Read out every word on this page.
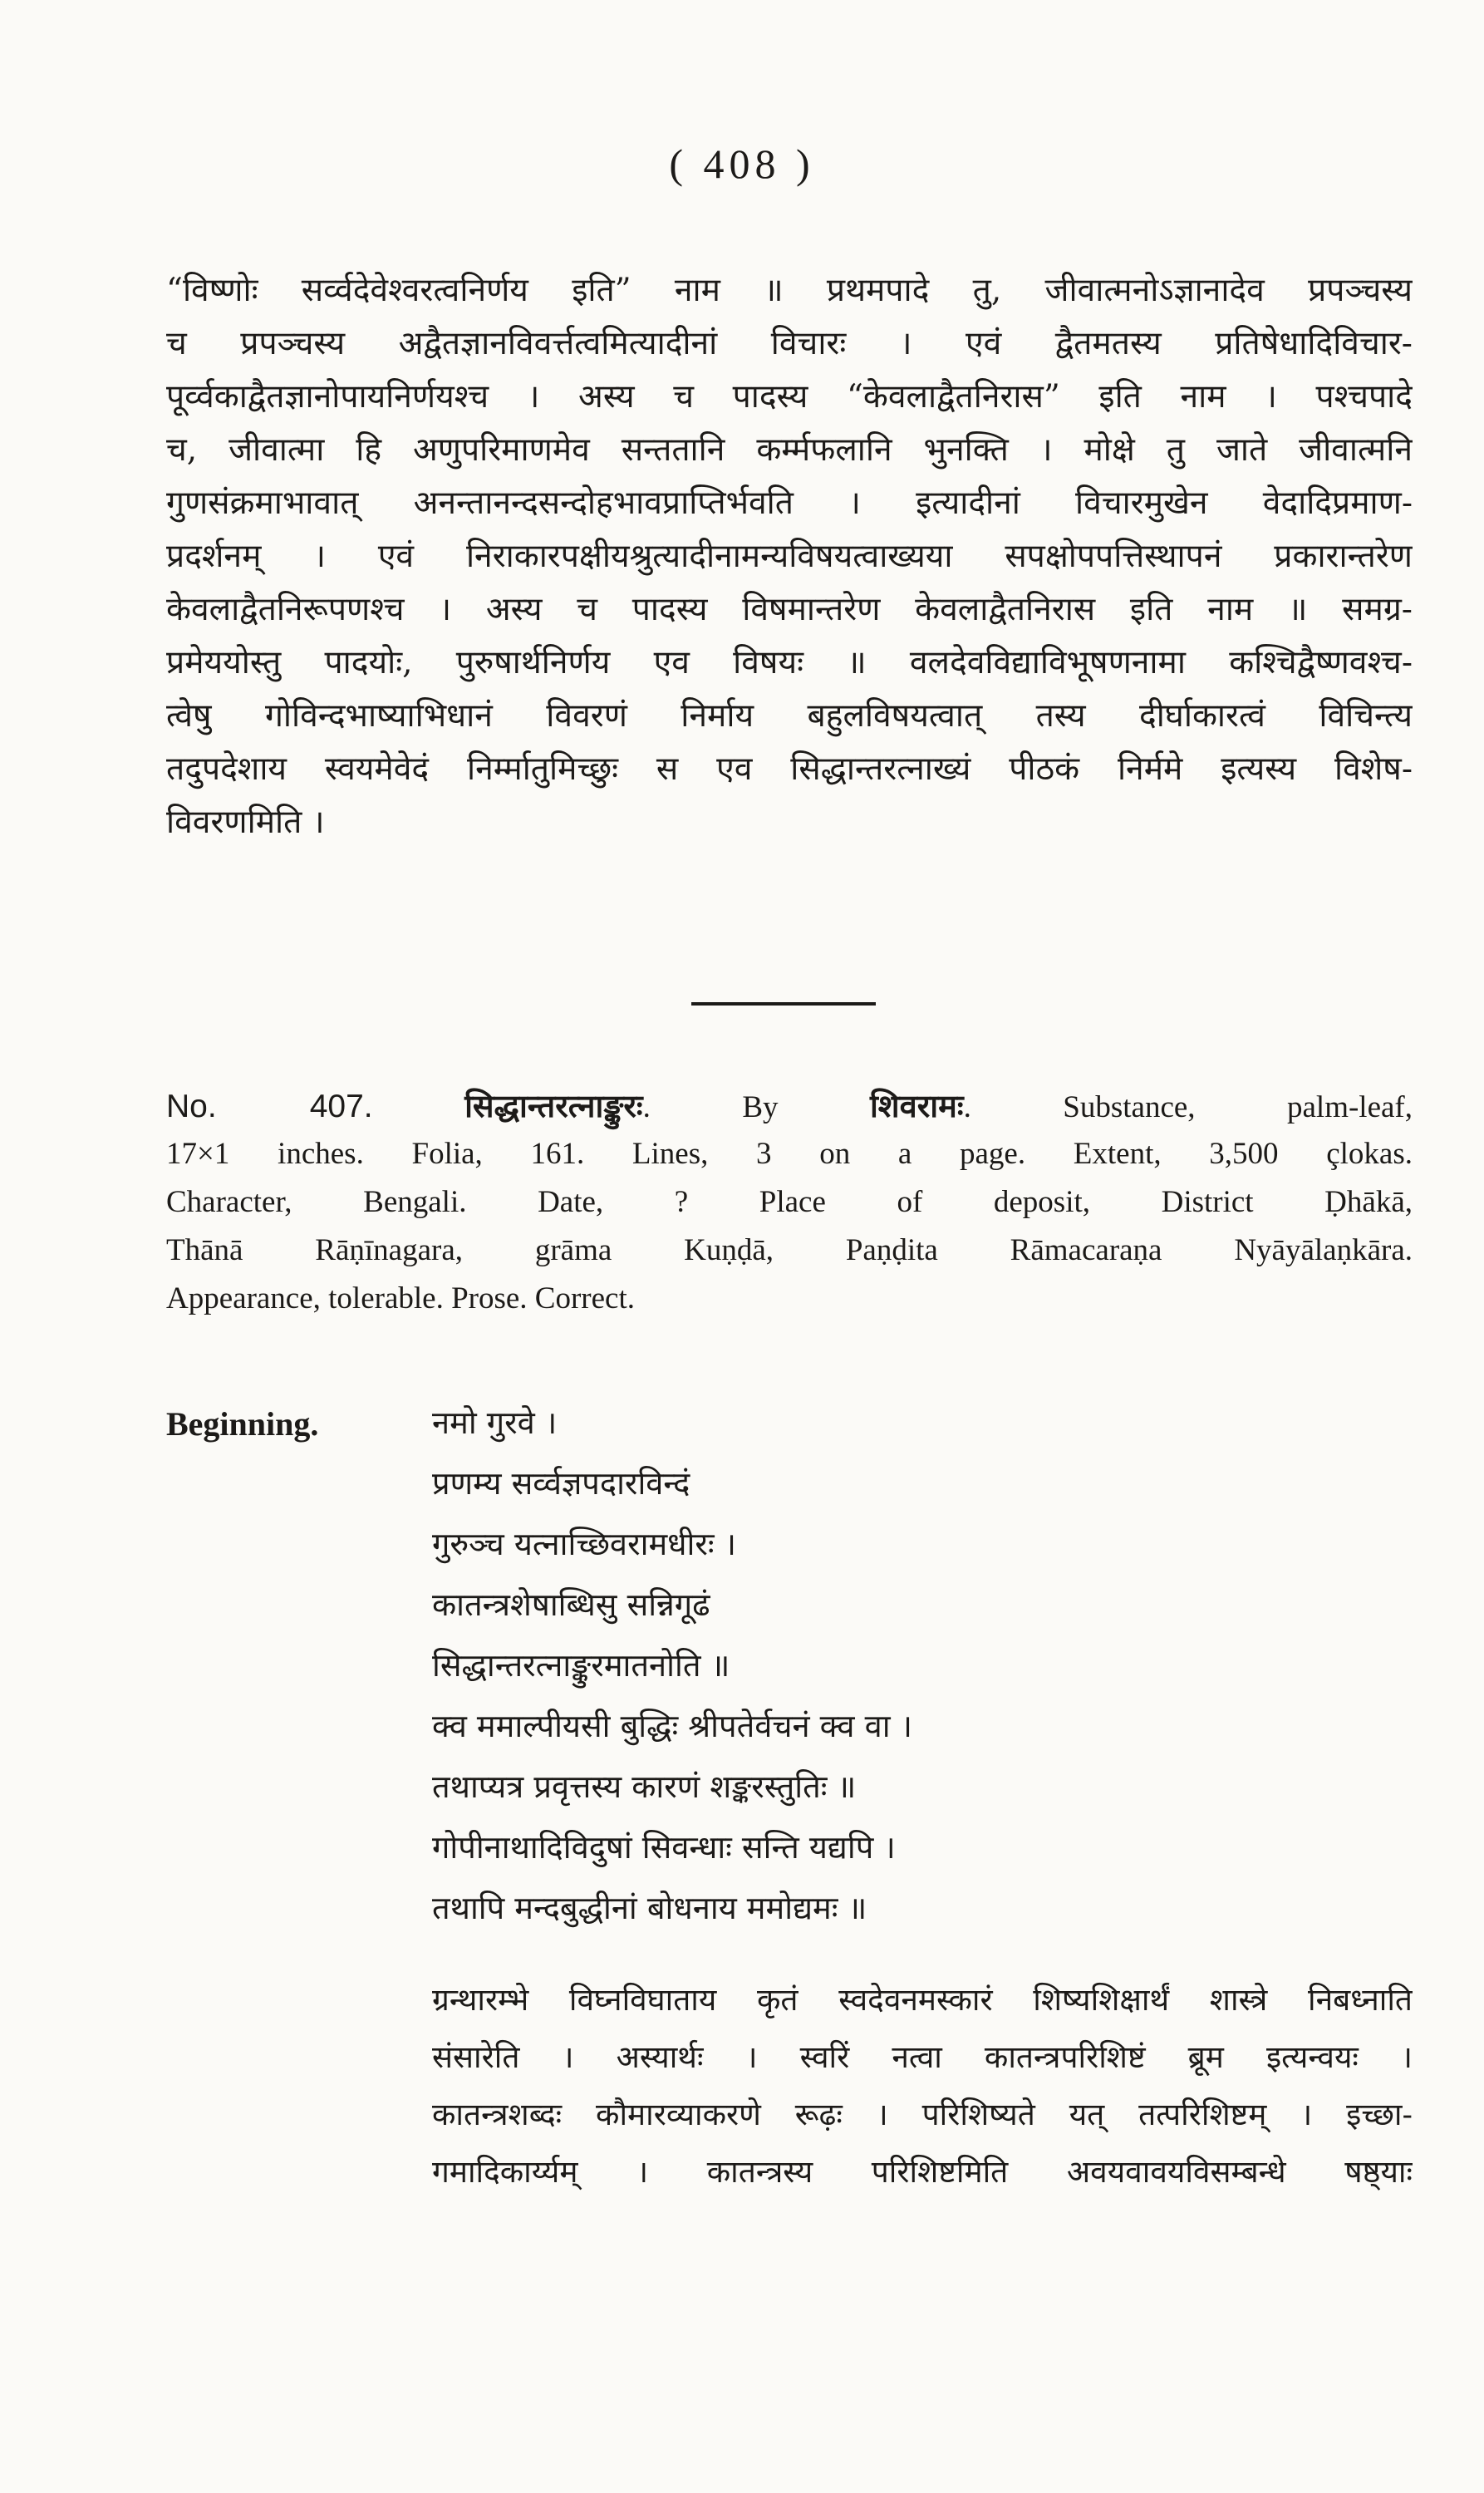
( 408 )
“विष्णोः सर्व्वदेवेश्वरत्वनिर्णय इति” नाम ॥ प्रथमपादे तु, जीवात्मनोऽज्ञानादेव प्रपञ्चस्य
च प्रपञ्चस्य अद्वैतज्ञानविवर्त्तत्वमित्यादीनां विचारः । एवं द्वैतमतस्य प्रतिषेधादिविचार-
पूर्व्वकाद्वैतज्ञानोपायनिर्णयश्च । अस्य च पादस्य “केवलाद्वैतनिरास” इति नाम । पश्चपादे
च, जीवात्मा हि अणुपरिमाणमेव सन्ततानि कर्म्मफलानि भुनक्ति । मोक्षे तु जाते जीवात्मनि
गुणसंक्रमाभावात् अनन्तानन्दसन्दोहभावप्राप्तिर्भवति । इत्यादीनां विचारमुखेन वेदादिप्रमाण-
प्रदर्शनम् । एवं निराकारपक्षीयश्रुत्यादीनामन्यविषयत्वाख्यया सपक्षोपपत्तिस्थापनं प्रकारान्तरेण
केवलाद्वैतनिरूपणश्च । अस्य च पादस्य विषमान्तरेण केवलाद्वैतनिरास इति नाम ॥ समग्र-
प्रमेययोस्तु पादयोः, पुरुषार्थनिर्णय एव विषयः ॥ वलदेवविद्याविभूषणनामा कश्चिद्वैष्णवश्च-
त्वेषु गोविन्दभाष्याभिधानं विवरणं निर्माय बहुलविषयत्वात् तस्य दीर्घाकारत्वं विचिन्त्य
तदुपदेशाय स्वयमेवेदं निर्म्मातुमिच्छुः स एव सिद्धान्तरत्नाख्यं पीठकं निर्ममे इत्यस्य विशेष-
विवरणमिति ।
No. 407.	सिद्धान्तरत्नाङ्कुरः. By	शिवरामः. Substance, palm-leaf,
17×1 inches. Folia, 161. Lines, 3 on a page. Extent, 3,500 çlokas.
Character, Bengali. Date, ? Place of deposit, District Ḍhākā,
Thānā Rāṇīnagara, grāma Kuṇḍā, Paṇḍita Rāmacaraṇa Nyāyālaṇkāra.
Appearance, tolerable. Prose. Correct.
Beginning.	नमो गुरवे ।
प्रणम्य सर्व्वज्ञपदारविन्दं
गुरुञ्च यत्नाच्छिवरामधीरः ।
कातन्त्रशेषाब्धिसु सन्निगूढं
सिद्धान्तरत्नाङ्कुरमातनोति ॥
क्व ममाल्पीयसी बुद्धिः श्रीपतेर्वचनं क्व वा ।
तथाप्यत्र प्रवृत्तस्य कारणं शङ्करस्तुतिः ॥
गोपीनाथादिविदुषां सिवन्धाः सन्ति यद्यपि ।
तथापि मन्दबुद्धीनां बोधनाय ममोद्यमः ॥
ग्रन्थारम्भे विघ्नविघाताय कृतं स्वदेवनमस्कारं शिष्यशिक्षार्थं शास्त्रे निबध्नाति
संसारेति । अस्यार्थः । स्वरिं नत्वा कातन्त्रपरिशिष्टं ब्रूम इत्यन्वयः ।
कातन्त्रशब्दः कौमारव्याकरणे रूढ़ः । परिशिष्यते यत् तत्परिशिष्टम् । इच्छा-
गमादिकार्य्यम् । कातन्त्रस्य परिशिष्टमिति अवयवावयविसम्बन्धे षष्ठ्याः
